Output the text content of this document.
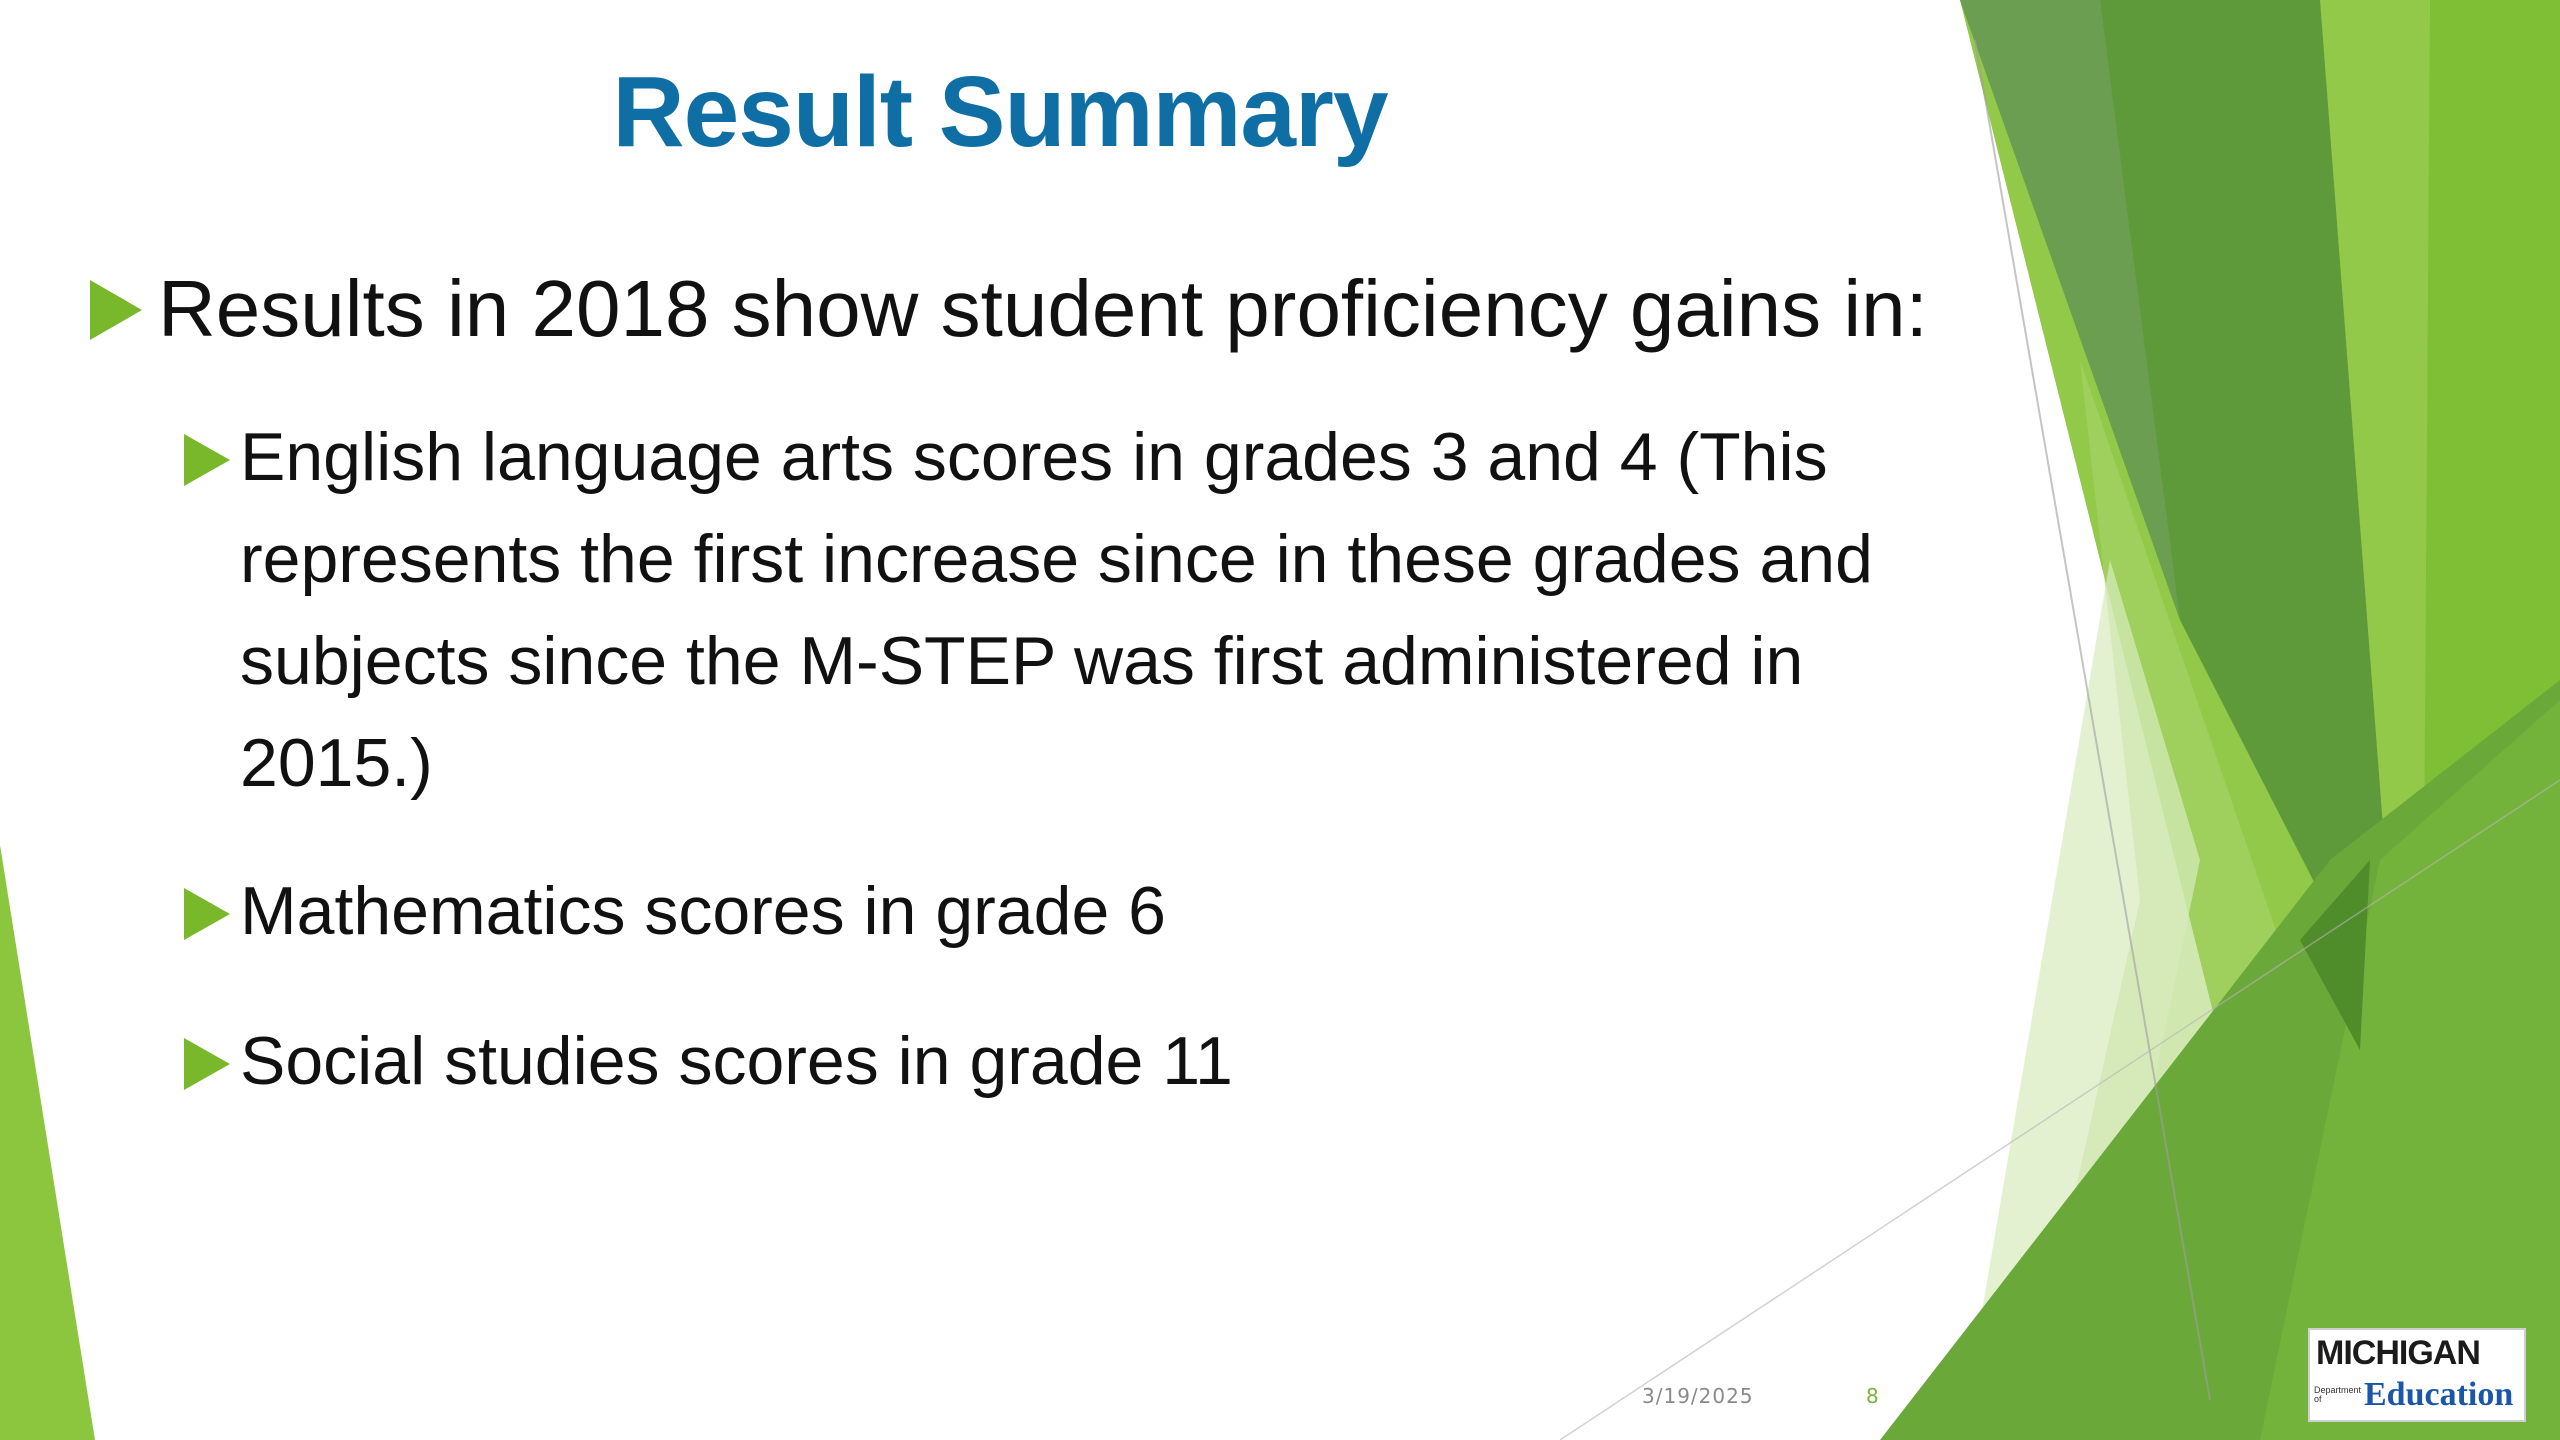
Result Summary
Results in 2018 show student proficiency gains in:
English language arts scores in grades 3 and 4 (This represents the first increase since in these grades and subjects since the M-STEP was first administered in 2015.)
Mathematics scores in grade 6
Social studies scores in grade 11
3/19/2025	8
MICHIGAN
Department of	Education
